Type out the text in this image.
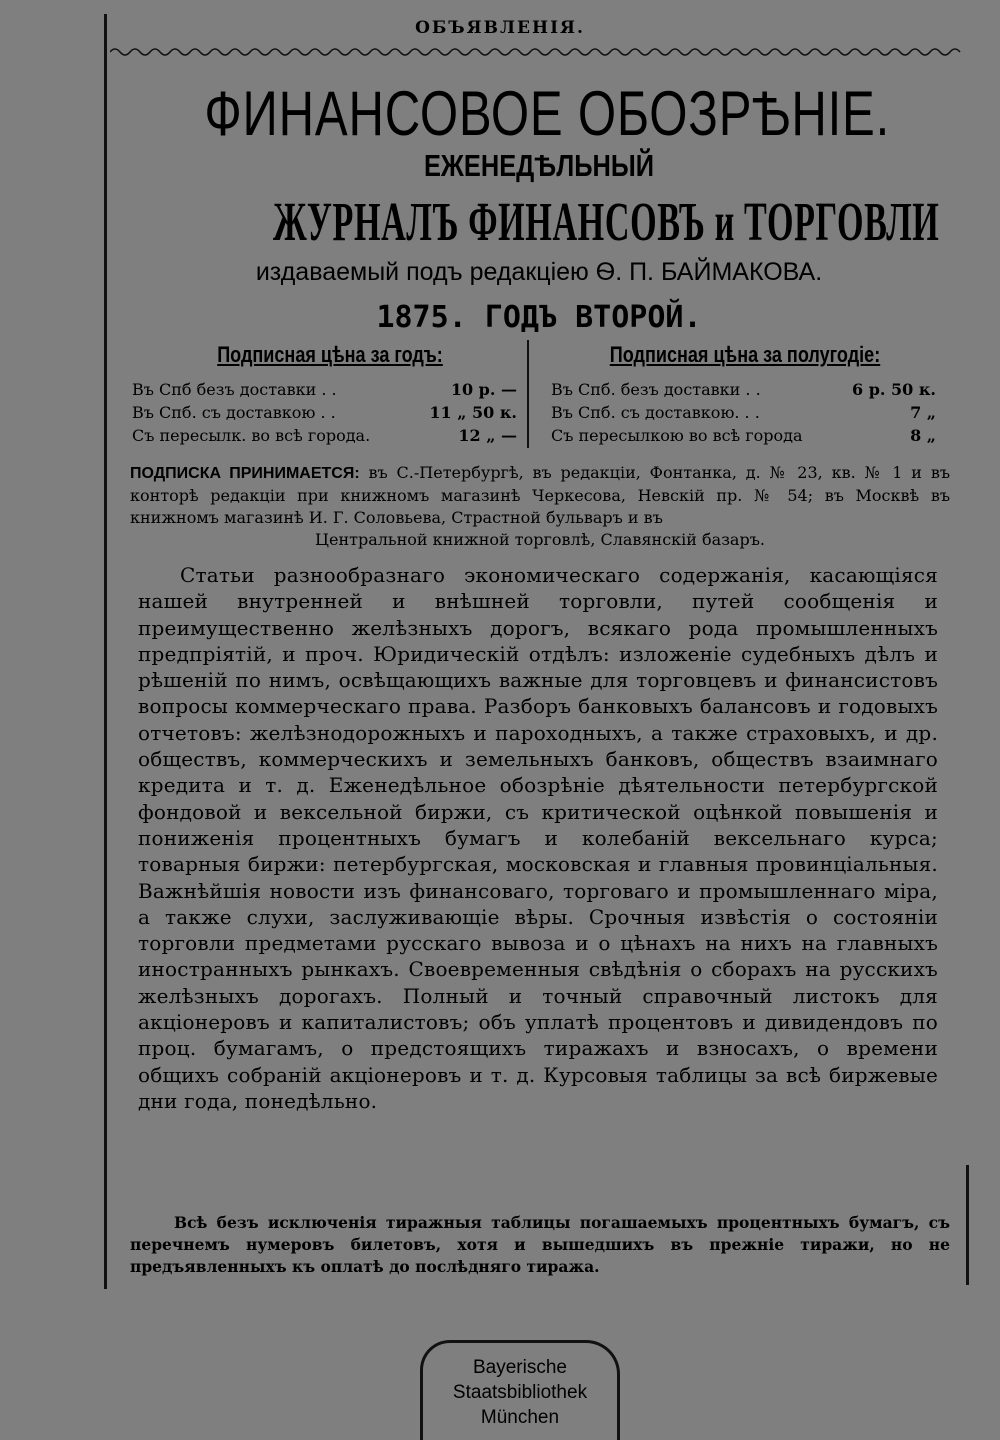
ОБЪЯВЛЕНІЯ.
ФИНАНСОВОЕ ОБОЗРѢНІЕ.
ЕЖЕНЕДѢЛЬНЫЙ
ЖУРНАЛЪ ФИНАНСОВЪ и ТОРГОВЛИ
издаваемый подъ редакціею Ѳ. П. БАЙМАКОВА.
1875. ГОДЪ ВТОРОЙ.
Подписная цѣна за годъ:
Въ Спб безъ доставки . .	10 р. —
Въ Спб. съ доставкою . .	11 „ 50 к.
Съ пересылк. во всѣ города.	12 „ —
Подписная цѣна за полугодіе:
Въ Спб. безъ доставки . .	6 р. 50 к.
Въ Спб. съ доставкою. . .	7 „
Съ пересылкою во всѣ города	8 „
ПОДПИСКА ПРИНИМАЕТСЯ: въ С.-Петербургѣ, въ редакціи, Фонтанка, д. № 23, кв. № 1 и въ конторѣ редакціи при книжномъ магазинѣ Черкесова, Невскій пр. № 54; въ Москвѣ въ книжномъ магазинѣ И. Г. Соловьева, Страстной бульваръ и въ
Центральной книжной торговлѣ, Славянскій базаръ.
Статьи разнообразнаго экономическаго содержанія, касающіяся нашей внутренней и внѣшней торговли, путей сообщенія и преимущественно желѣзныхъ дорогъ, всякаго рода промышленныхъ предпріятій, и проч. Юридическій отдѣлъ: изложеніе судебныхъ дѣлъ и рѣшеній по нимъ, освѣщающихъ важные для торговцевъ и финансистовъ вопросы коммерческаго права. Разборъ банковыхъ балансовъ и годовыхъ отчетовъ: желѣзнодорожныхъ и пароходныхъ, а также страховыхъ, и др. обществъ, коммерческихъ и земельныхъ банковъ, обществъ взаимнаго кредита и т. д. Еженедѣльное обозрѣніе дѣятельности петербургской фондовой и вексельной биржи, съ критической оцѣнкой повышенія и пониженія процентныхъ бумагъ и колебаній вексельнаго курса; товарныя биржи: петербургская, московская и главныя провинціальныя. Важнѣйшія новости изъ финансоваго, торговаго и промышленнаго міра, а также слухи, заслуживающіе вѣры. Срочныя извѣстія о состояніи торговли предметами русскаго вывоза и о цѣнахъ на нихъ на главныхъ иностранныхъ рынкахъ. Своевременныя свѣдѣнія о сборахъ на русскихъ желѣзныхъ дорогахъ. Полный и точный справочный листокъ для акціонеровъ и капиталистовъ; объ уплатѣ процентовъ и дивидендовъ по проц. бумагамъ, о предстоящихъ тиражахъ и взносахъ, о времени общихъ собраній акціонеровъ и т. д. Курсовыя таблицы за всѣ биржевые дни года, понедѣльно.
Всѣ безъ исключенія тиражныя таблицы погашаемыхъ процентныхъ бумагъ, съ перечнемъ нумеровъ билетовъ, хотя и вышедшихъ въ прежніе тиражи, но не предъявленныхъ къ оплатѣ до послѣдняго тиража.
Bayerische
Staatsbibliothek
München
